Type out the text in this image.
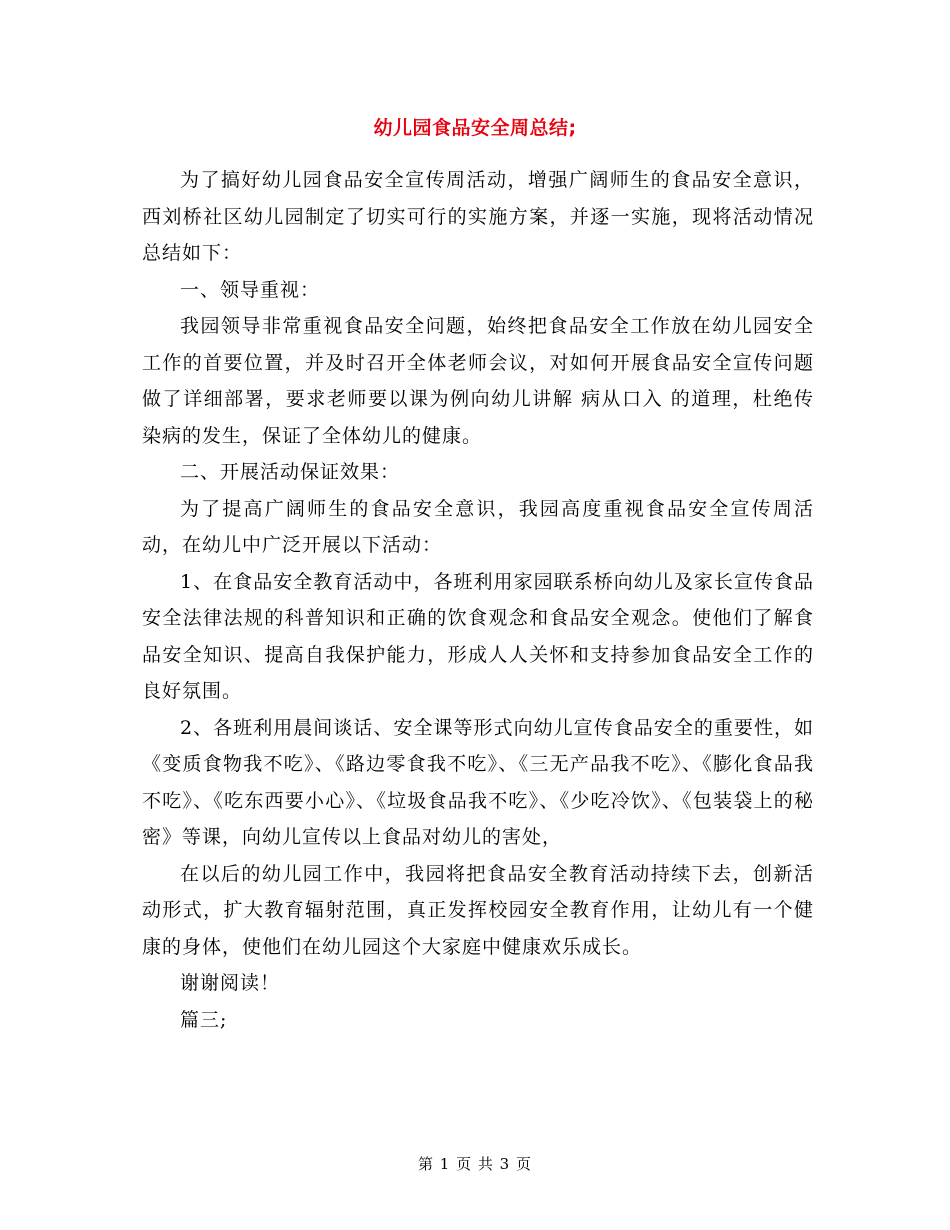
幼儿园食品安全周总结;

为了搞好幼儿园食品安全宣传周活动，增强广阔师生的食品安全意识，西刘桥社区幼儿园制定了切实可行的实施方案，并逐一实施，现将活动情况总结如下：

一、领导重视：

我园领导非常重视食品安全问题，始终把食品安全工作放在幼儿园安全工作的首要位置，并及时召开全体老师会议，对如何开展食品安全宣传问题做了详细部署，要求老师要以课为例向幼儿讲解 病从口入 的道理，杜绝传染病的发生，保证了全体幼儿的健康。

二、开展活动保证效果：

为了提高广阔师生的食品安全意识，我园高度重视食品安全宣传周活动，在幼儿中广泛开展以下活动：

1、在食品安全教育活动中，各班利用家园联系桥向幼儿及家长宣传食品安全法律法规的科普知识和正确的饮食观念和食品安全观念。使他们了解食品安全知识、提高自我保护能力，形成人人关怀和支持参加食品安全工作的良好氛围。

2、各班利用晨间谈话、安全课等形式向幼儿宣传食品安全的重要性，如《变质食物我不吃》、《路边零食我不吃》、《三无产品我不吃》、《膨化食品我不吃》、《吃东西要小心》、《垃圾食品我不吃》、《少吃冷饮》、《包装袋上的秘密》等课，向幼儿宣传以上食品对幼儿的害处，

在以后的幼儿园工作中，我园将把食品安全教育活动持续下去，创新活动形式，扩大教育辐射范围，真正发挥校园安全教育作用，让幼儿有一个健康的身体，使他们在幼儿园这个大家庭中健康欢乐成长。

谢谢阅读！

篇三;

第 1 页 共 3 页
